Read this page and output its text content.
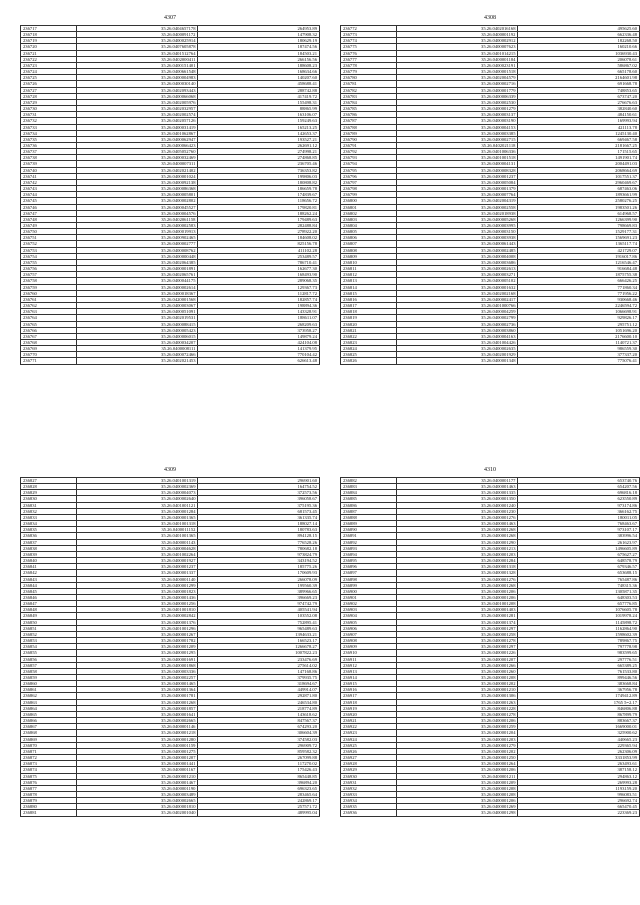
4307
236717	35.26.0404657178	264953.89
236718	35.26.0400091172	147908.32
236719	35.26.0400025914	180629.19
236720	35.26.0407605878	187474.56
236721	35.26.0401512764	184503.21
236722	35.26.0402000411	266156.56
236723	35.26.0400151401	188608.23
236724	35.26.0400661548	168634.66
236725	35.26.0400004983	140207.60
236726	35.26.0400030140	458688.41
236727	35.26.0402093443	288742.88
236728	35.26.0400066068	417419.72
236729	35.26.0402005976	155498.31
236730	35.26.0402032957	88865.99
236731	35.26.0402002574	163106.07
236732	35.26.0402057126	159249.63
236733	35.26.0400031419	165213.25
236734	35.26.0401062867	142653.37
236735	35.26.0400062947	193527.21
236736	35.26.0400066423	262691.12
236737	35.26.0405052760	274998.21
236738	35.26.0400032469	274868.85
236739	35.26.0400007311	236705.46
236740	35.26.0402021402	736353.82
236741	35.26.0400001024	199806.03
236742	35.26.0400092138	180808.82
236743	35.26.0400086368	186659.78
236744	35.26.0400005801	174839.67
236745	35.26.0400002802	118656.72
236746	35.26.0400045527	179820.81
236747	35.26.0400004576	188262.24
236748	35.26.0402061158	179489.63
236749	35.26.0400002583	282488.84
236750	35.26.0400019913	278922.20
236751	35.26.0400902465	184608.02
236752	35.26.0400002777	825156.78
236753	35.26.0400008762	411102.28
236754	35.26.0400000448	253489.57
236755	35.26.0402064385	786710.41
236756	35.26.0400001891	162677.30
236757	35.26.0402065761	168493.90
236758	35.26.0400044175	289068.35
236759	35.26.0400002614	129367.73
236760	35.26.0400018367	112817.72
236761	35.26.0420001568	182857.74
236762	35.26.0400003067	198894.36
236763	35.26.0400051091	143328.91
236764	35.26.0402019531	188611.07
236765	35.26.0400088415	268209.63
236766	35.26.0400005423	373958.27
236767	35.26.0400006015	149879.24
236768	35.26.0400034207	424104.08
236769	35.26.0400008111	141379.95
236770	35.26.0400072466	770104.42
236771	35.26.0402021453	626613.48
4308
236772	35.26.0402016168	495625.60
236773	35.26.0400001192	662336.48
236774	35.26.0400002912	182268.50
236775	35.26.0400007623	160210.66
236776	35.26.0401014215	1036930.43
236777	35.26.0400001184	206078.61
236778	35.26.0400023191	586867.02
236779	35.26.0400001518	665178.60
236780	35.26.0402004579	2164601.98
236781	35.26.0400002716	691668.78
236782	35.26.0400001779	748853.65
236783	35.26.0400006339	673747.20
236784	35.26.0400002530	276676.63
236785	35.26.0400001279	382840.60
236786	35.26.0400003137	484150.61
236787	35.26.0400003190	169993.94
236788	35.26.0400004153	421113.78
236789	35.26.0400003385	1245130.40
236790	35.26.0400002715	669467.58
236791	35.26.0402021118	2181667.25
236792	35.26.0401006336	171515.65
236793	35.26.0401001518	1491901.74
236794	35.26.0400004131	2004491.03
236795	35.26.0400008328	2068664.69
236796	35.26.0400001237	1017551.37
236797	35.26.0400005084	2960469.67
236798	35.26.0400001379	687463.06
236799	35.26.0400007764	1893661.99
236800	35.26.0402004319	2580276.25
236801	35.26.0400002558	1983501.26
236802	35.26.0402018938	614968.57
236803	35.26.0400005268	1266399.90
236804	35.26.0400003995	798669.83
236805	35.26.0400003150	1529177.31
236806	35.26.0400003938	1569691.23
236807	35.26.0400061443	1365117.74
236808	35.26.0400002485	421729.07
236809	35.26.0400004008	1916017.86
236810	35.26.0400003686	1216546.47
236811	35.26.0400002613	916684.48
236812	35.26.0400003271	1875755.38
236813	35.26.0400005102	666426.25
236814	35.26.0400001632	771860.34
236815	35.26.0402002168	771956.22
236816	35.26.0400002417	930668.46
236817	35.26.0401000766	2246594.72
236818	35.26.0400004259	1066698.91
236819	35.26.0400002799	929826.17
236820	35.26.0400002736	295751.12
236821	35.26.0400003860	1051696.20
236822	35.26.0400004163	2176600.10
236823	35.26.0401004426	1140721.37
236824	35.26.0400002635	986559.30
236825	35.26.0402001929	377337.20
236826	35.26.0400001348	775076.41
4309
236827	35.26.0401001319	296901.60
236828	35.26.0400002369	164754.52
236829	35.26.0400004073	372573.56
236830	35.26.0400002640	396058.67
236831	35.26.0401001121	375195.36
236832	35.26.0400001284	681573.45
236833	35.26.0400001365	361335.74
236834	35.26.0401001318	188027.14
236835	35.26.0400011152	180783.63
236836	35.26.0401001365	894128.15
236837	35.26.0400001143	776528.26
236838	35.26.0400004628	780682.18
236839	35.26.0401002264	973824.79
236840	35.26.0400001927	343194.52
236841	35.26.0400001237	185775.26
236842	35.26.0400001337	170609.93
236843	35.26.0400001140	266078.09
236844	35.26.0400001299	199560.39
236845	35.26.0400001823	389966.65
236846	35.26.0400001436	396669.23
236847	35.26.0400001256	974742.79
236848	35.26.0401001810	405541.94
236849	35.26.0400002842	103552.08
236850	35.26.0400001376	752895.41
236851	35.26.0401001296	965489.63
236852	35.26.0400001267	1394633.21
236853	35.26.0400001782	166523.17
236854	35.26.0400001209	1266678.27
236855	35.26.0400001295	1007822.23
236856	35.26.0400001691	233476.69
236857	35.26.0400001868	275614.02
236858	35.26.0400003336	147168.86
236859	35.26.0400002257	379935.75
236860	35.26.0400001465	318694.67
236861	35.26.0400001364	449914.07
236862	35.26.0400001781	292871.80
236863	35.26.0400001268	246534.80
236864	35.26.0400001857	218774.89
236865	35.26.0400001641	143618.62
236866	35.26.0400002665	847567.37
236867	35.26.0400001146	674293.20
236868	35.26.0400001218	306604.39
236869	35.26.0400001280	374582.03
236870	35.26.0400001159	296909.72
236871	35.26.0400001275	859582.32
236872	35.26.0400001207	267099.88
236873	35.26.0400001441	117270.02
236874	35.26.0400001167	175426.43
236875	35.26.0400001210	865448.85
236876	35.26.0400001467	396894.20
236877	35.26.0400001190	696323.65
236878	35.26.0400003489	283465.64
236879	35.26.0400002665	242869.17
236880	35.26.0400001810	257571.72
236881	35.26.0402001040	489995.04
4310
236882	35.26.0400001177	653740.76
236883	35.26.0400001463	654207.56
236884	35.26.0400001335	696816.18
236885	35.26.0400001350	623550.89
236886	35.26.0400001240	973174.86
236887	35.26.0400001230	366162.75
236888	35.26.0400001276	180011.05
236889	35.26.0400001463	768463.67
236890	35.26.0400001268	973107.17
236891	35.26.0400001268	383996.54
236892	35.26.0400001290	261623.97
236893	35.26.0400001213	1496605.89
236894	35.26.0400001203	675627.27
236895	35.26.0400001284	648578.79
236896	35.26.0400001318	679346.57
236897	35.26.0400001328	653688.15
236898	35.26.0400001276	765487.86
236899	35.26.0400001268	748315.36
236900	35.26.0400001206	1305871.35
236901	35.26.0400001206	648303.53
236902	35.26.0401001208	657776.85
236903	35.26.0400001403	1076605.78
236904	35.26.0400001281	1019978.24
236905	35.26.0400001374	1145898.72
236906	35.26.0400001297	1162864.90
236907	35.26.0400001258	1598602.39
236908	35.26.0400001278	789867.75
236909	35.26.0400001297	797778.98
236910	35.26.0400001226	983599.65
236911	35.26.0400001207	297776.51
236912	35.26.0400001266	665389.25
236913	35.26.0400001260	761533.80
236914	35.26.0400001208	899446.56
236915	35.26.0400001202	383668.84
236916	35.26.0400001210	367956.78
236917	35.26.0400001306	1749412.89
236918	35.26.0400001263	1765 5=2.17
236919	35.26.0400001228	846806.88
236920	35.26.0400001278	867899.79
236921	35.26.0400001206	883667.37
236922	35.26.0400001259	1669000.01
236923	35.26.0400001204	325900.62
236924	35.26.0400001203	440665.23
236925	35.26.0400001279	229365.94
236926	35.26.0400001202	262306.09
236927	35.26.0400001250	3331853.99
236928	35.26.0400001264	263493.61
236929	35.26.0400001206	387158.12
236930	35.26.0400001211	294863.12
236931	35.26.0400001209	269993.28
236932	35.26.0400001208	1193159.20
236933	35.26.0400001208	996083.51
236934	35.26.0400001206	296692.74
236935	35.26.0400001269	665470.45
236936	35.26.0400001298	223369.23
